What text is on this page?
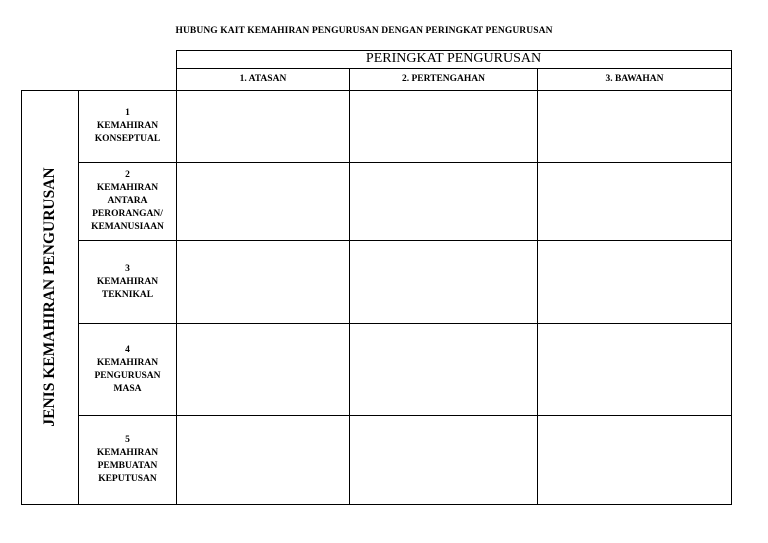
HUBUNG KAIT KEMAHIRAN PENGURUSAN DENGAN PERINGKAT PENGURUSAN
PERINGKAT PENGURUSAN
1. ATASAN	2. PERTENGAHAN	3. BAWAHAN
JENIS KEMAHIRAN PENGURUSAN
1
KEMAHIRAN
KONSEPTUAL
2
KEMAHIRAN
ANTARA
PERORANGAN/
KEMANUSIAAN
3
KEMAHIRAN
TEKNIKAL
4
KEMAHIRAN
PENGURUSAN
MASA
5
KEMAHIRAN
PEMBUATAN
KEPUTUSAN
